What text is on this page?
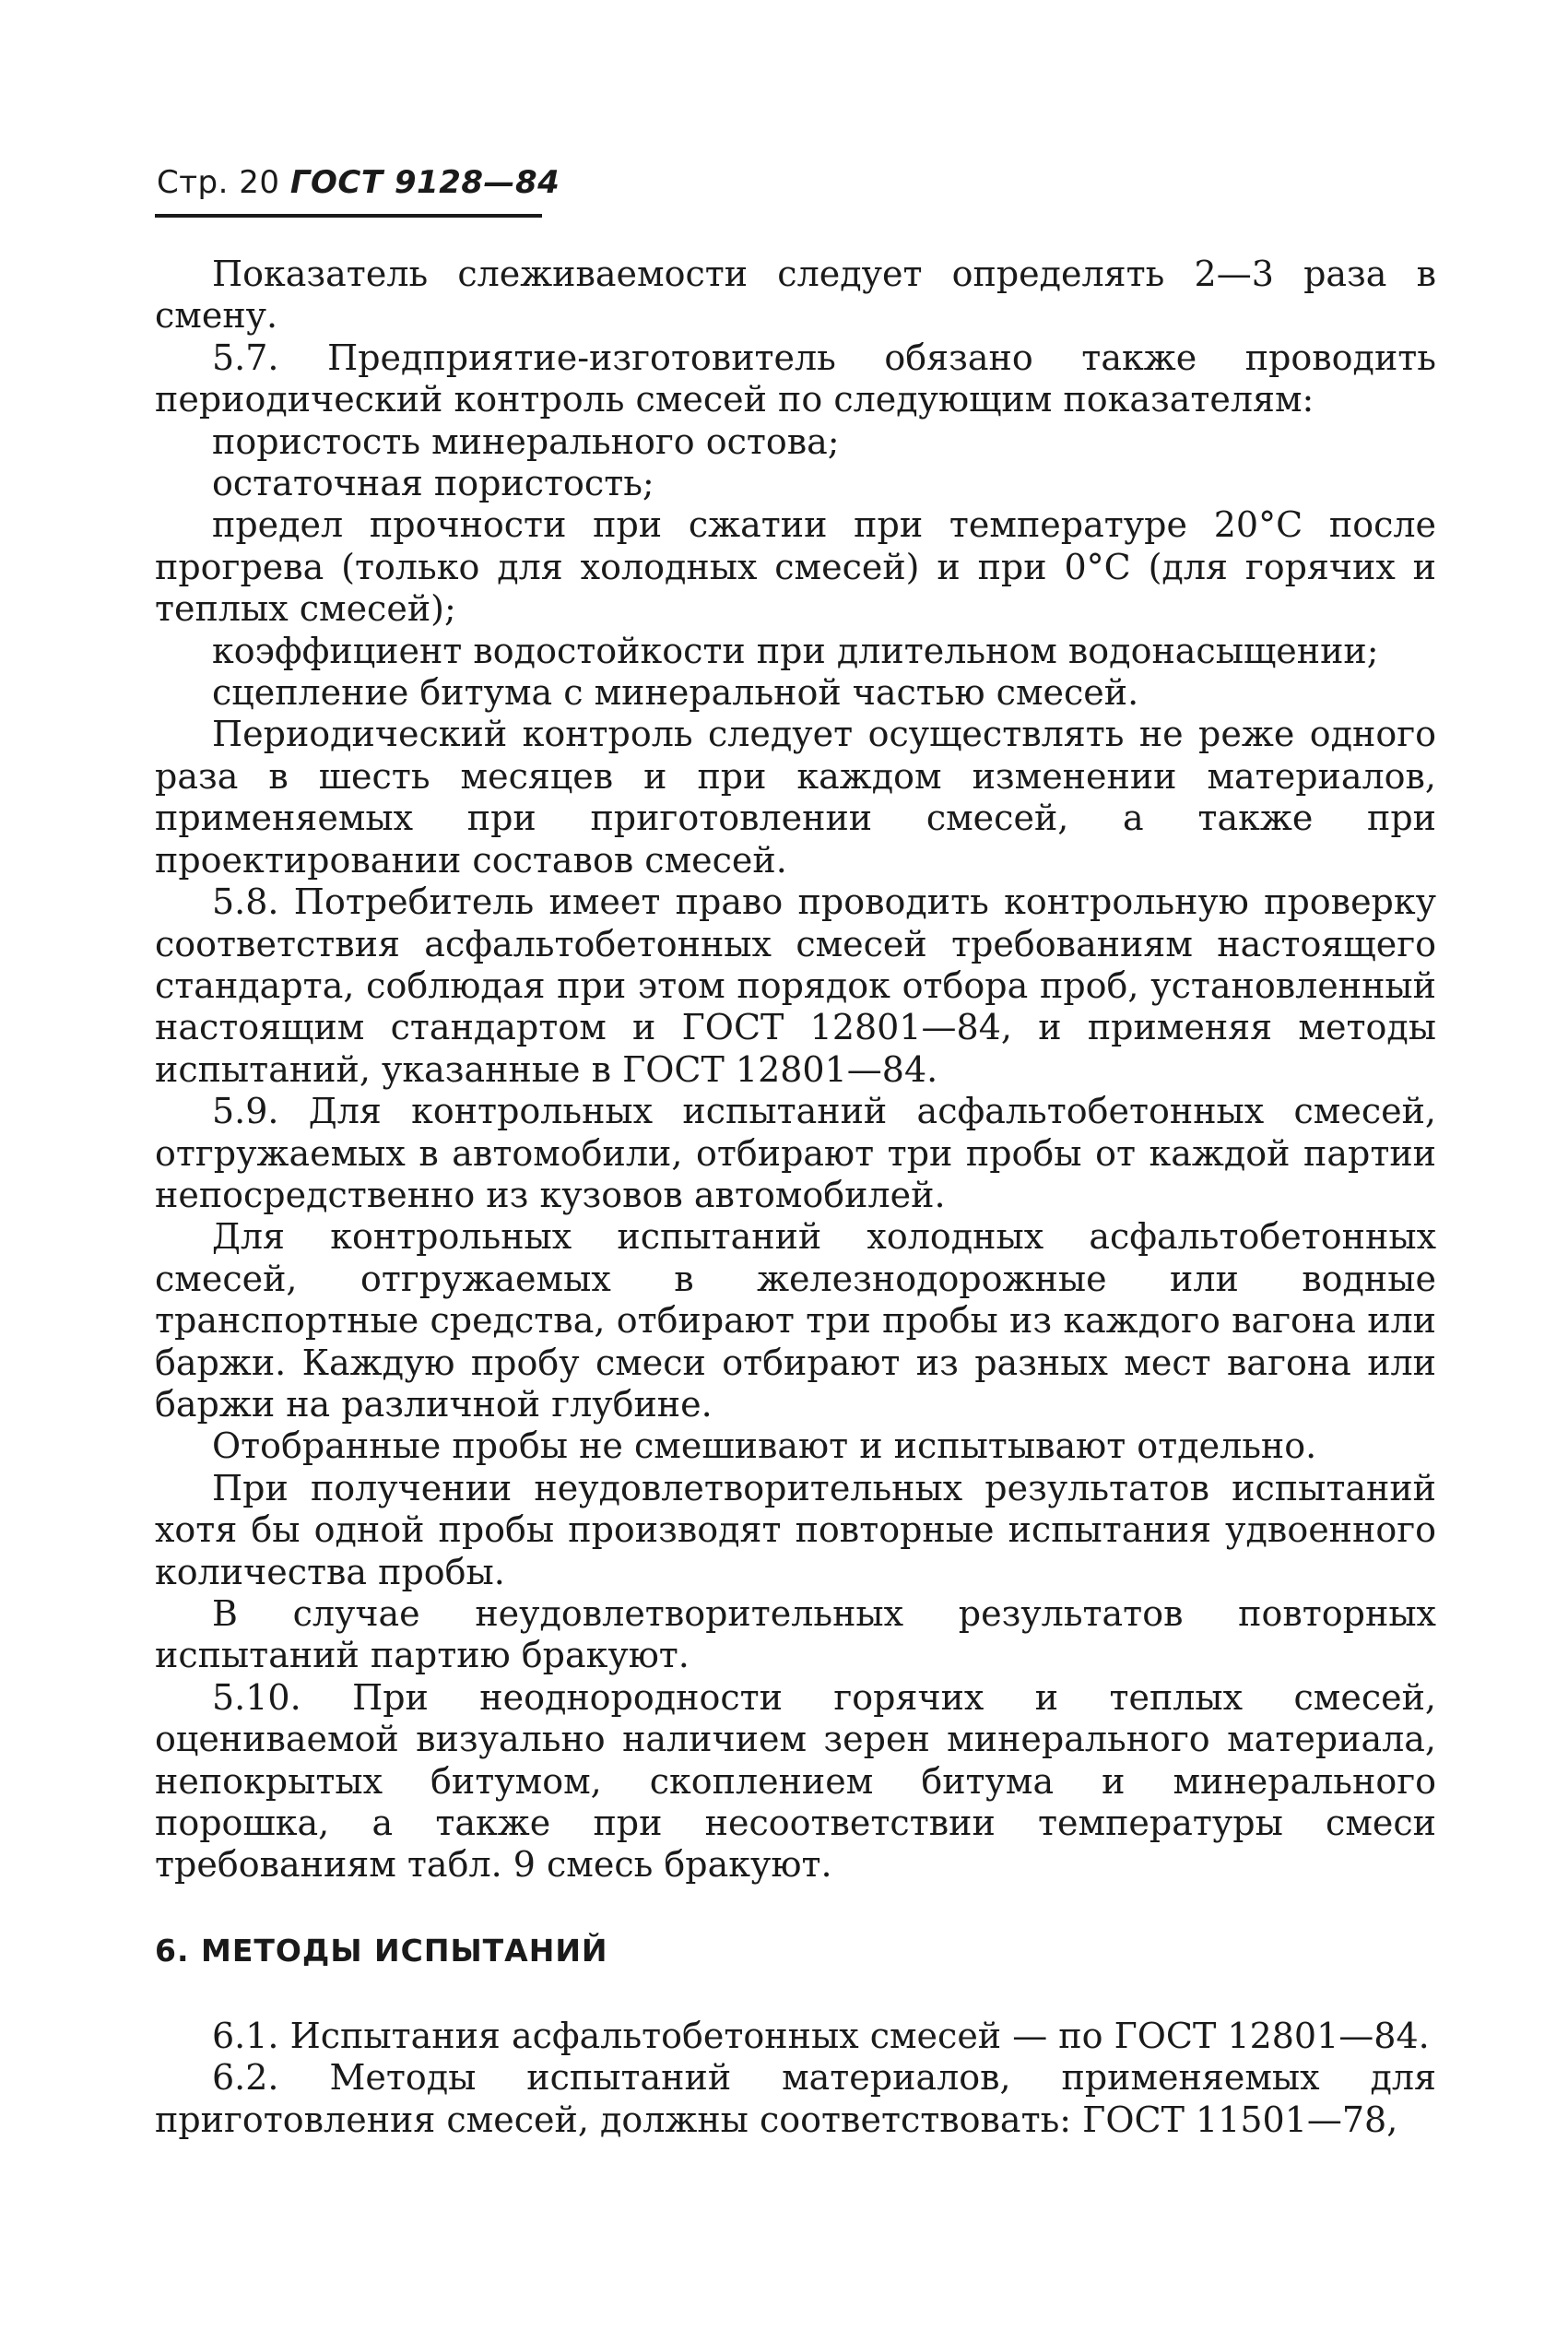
Стр. 20 ГОСТ 9128—84

Показатель слеживаемости следует определять 2—3 раза в смену.

5.7. Предприятие-изготовитель обязано также проводить периодический контроль смесей по следующим показателям:

пористость минерального остова;

остаточная пористость;

предел прочности при сжатии при температуре 20°С после прогрева (только для холодных смесей) и при 0°С (для горячих и теплых смесей);

коэффициент водостойкости при длительном водонасыщении;

сцепление битума с минеральной частью смесей.

Периодический контроль следует осуществлять не реже одного раза в шесть месяцев и при каждом изменении материалов, применяемых при приготовлении смесей, а также при проектировании составов смесей.

5.8. Потребитель имеет право проводить контрольную проверку соответствия асфальтобетонных смесей требованиям настоящего стандарта, соблюдая при этом порядок отбора проб, установленный настоящим стандартом и ГОСТ 12801—84, и применяя методы испытаний, указанные в ГОСТ 12801—84.

5.9. Для контрольных испытаний асфальтобетонных смесей, отгружаемых в автомобили, отбирают три пробы от каждой партии непосредственно из кузовов автомобилей.

Для контрольных испытаний холодных асфальтобетонных смесей, отгружаемых в железнодорожные или водные транспортные средства, отбирают три пробы из каждого вагона или баржи. Каждую пробу смеси отбирают из разных мест вагона или баржи на различной глубине.

Отобранные пробы не смешивают и испытывают отдельно.

При получении неудовлетворительных результатов испытаний хотя бы одной пробы производят повторные испытания удвоенного количества пробы.

В случае неудовлетворительных результатов повторных испытаний партию бракуют.

5.10. При неоднородности горячих и теплых смесей, оцениваемой визуально наличием зерен минерального материала, непокрытых битумом, скоплением битума и минерального порошка, а также при несоответствии температуры смеси требованиям табл. 9 смесь бракуют.

6. МЕТОДЫ ИСПЫТАНИЙ

6.1. Испытания асфальтобетонных смесей — по ГОСТ 12801—84.

6.2. Методы испытаний материалов, применяемых для приготовления смесей, должны соответствовать: ГОСТ 11501—78,
